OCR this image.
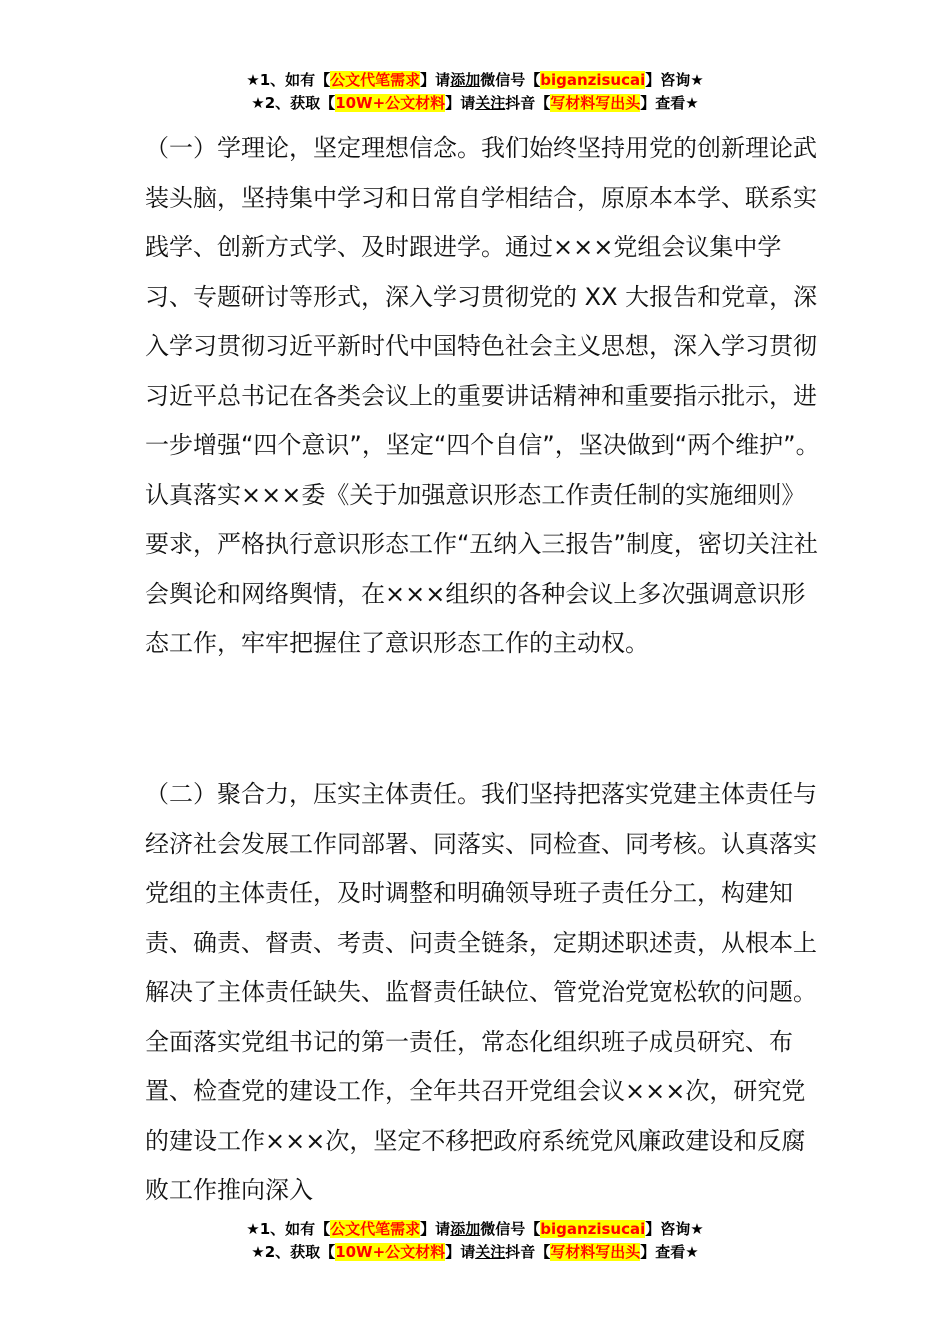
★1、如有【公文代笔需求】请添加微信号【biganzisucai】咨询★
★2、获取【10W+公文材料】请关注抖音【写材料写出头】查看★

（一）学理论，坚定理想信念。我们始终坚持用党的创新理论武装头脑，坚持集中学习和日常自学相结合，原原本本学、联系实践学、创新方式学、及时跟进学。通过×××党组会议集中学习、专题研讨等形式，深入学习贯彻党的 XX 大报告和党章，深入学习贯彻习近平新时代中国特色社会主义思想，深入学习贯彻习近平总书记在各类会议上的重要讲话精神和重要指示批示，进一步增强“四个意识”，坚定“四个自信”，坚决做到“两个维护”。认真落实×××委《关于加强意识形态工作责任制的实施细则》要求，严格执行意识形态工作“五纳入三报告”制度，密切关注社会舆论和网络舆情，在×××组织的各种会议上多次强调意识形态工作，牢牢把握住了意识形态工作的主动权。

（二）聚合力，压实主体责任。我们坚持把落实党建主体责任与经济社会发展工作同部署、同落实、同检查、同考核。认真落实党组的主体责任，及时调整和明确领导班子责任分工，构建知责、确责、督责、考责、问责全链条，定期述职述责，从根本上解决了主体责任缺失、监督责任缺位、管党治党宽松软的问题。全面落实党组书记的第一责任，常态化组织班子成员研究、布置、检查党的建设工作，全年共召开党组会议×××次，研究党的建设工作×××次，坚定不移把政府系统党风廉政建设和反腐败工作推向深入

★1、如有【公文代笔需求】请添加微信号【biganzisucai】咨询★
★2、获取【10W+公文材料】请关注抖音【写材料写出头】查看★
